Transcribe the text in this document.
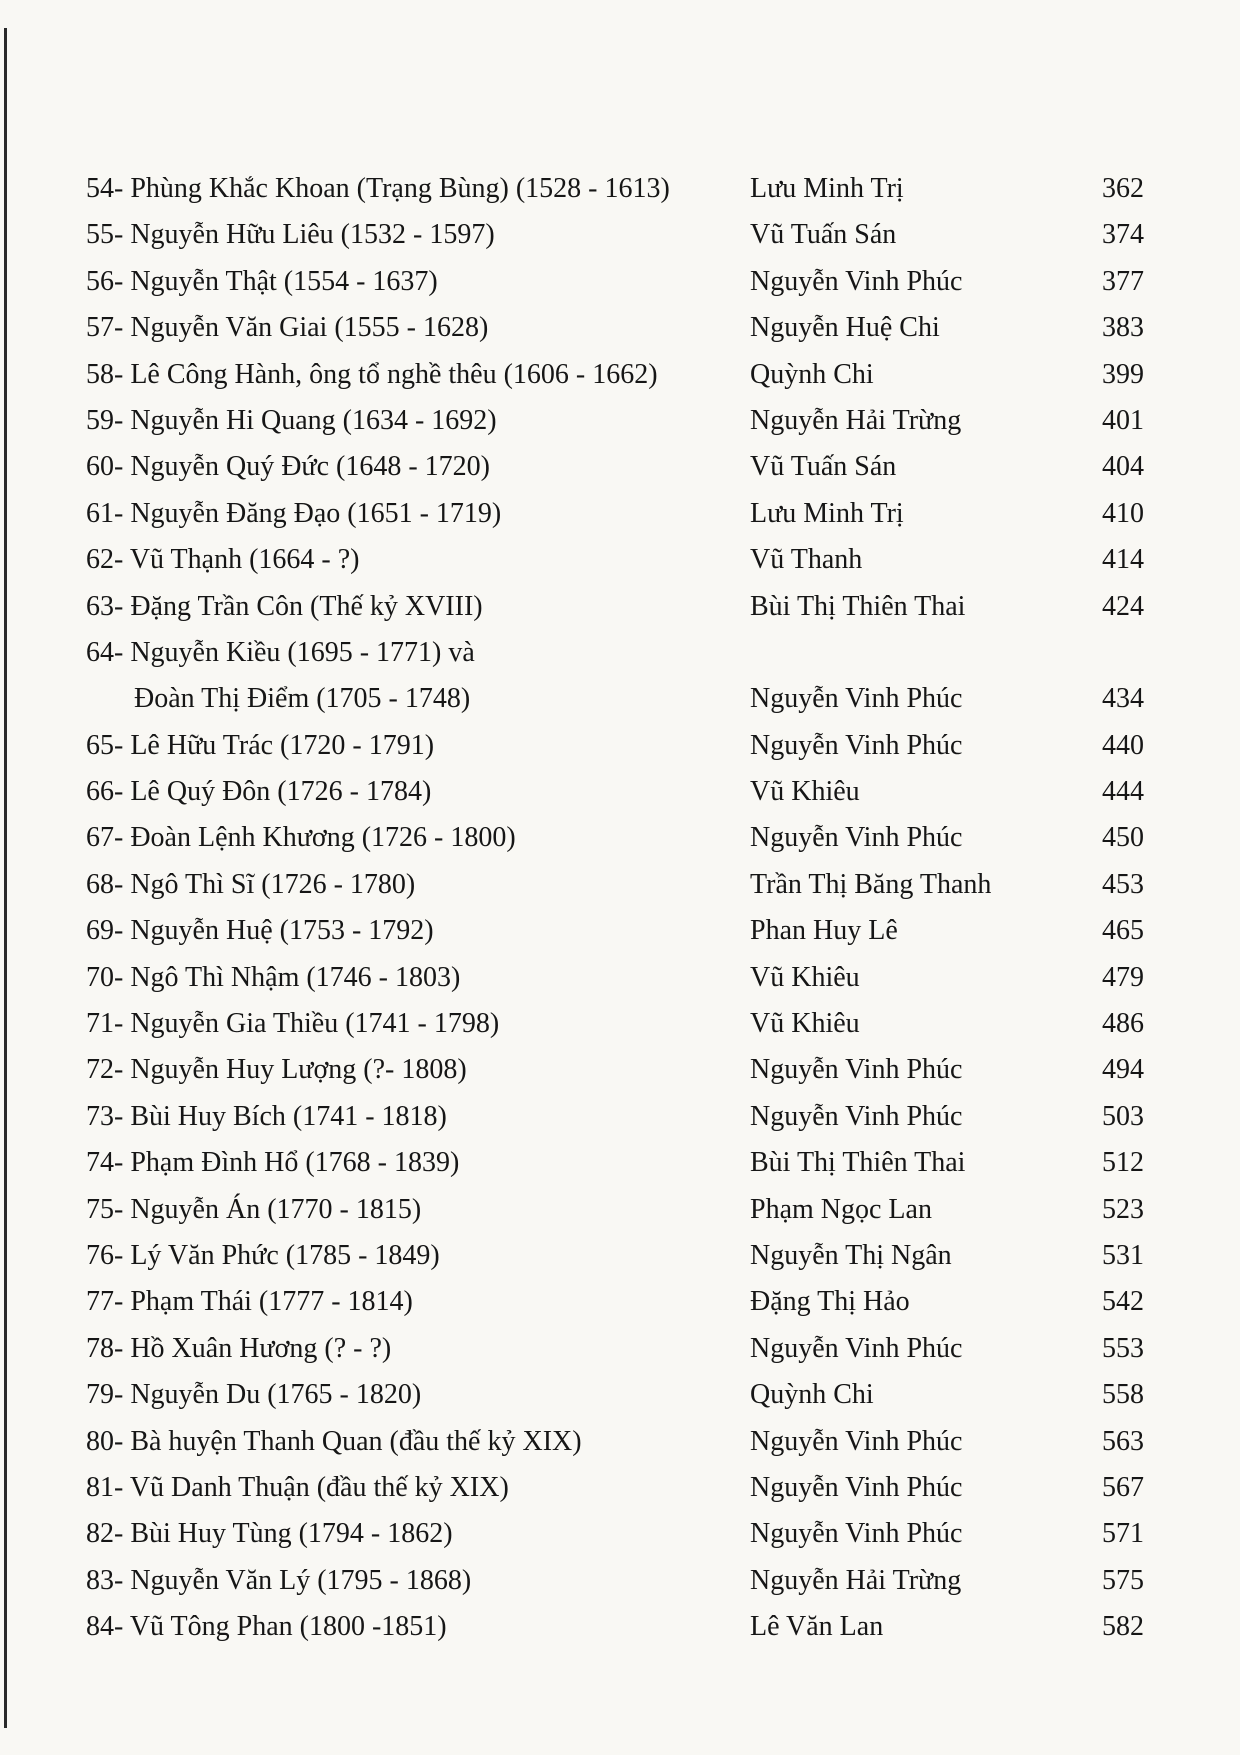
54- Phùng Khắc Khoan (Trạng Bùng) (1528 - 1613)	Lưu Minh Trị	362
55- Nguyễn Hữu Liêu (1532 - 1597)	Vũ Tuấn Sán	374
56- Nguyễn Thật (1554 - 1637)	Nguyễn Vinh Phúc	377
57- Nguyễn Văn Giai (1555 - 1628)	Nguyễn Huệ Chi	383
58- Lê Công Hành, ông tổ nghề thêu (1606 - 1662)	Quỳnh Chi	399
59- Nguyễn Hi Quang (1634 - 1692)	Nguyễn Hải Trừng	401
60- Nguyễn Quý Đức (1648 - 1720)	Vũ Tuấn Sán	404
61- Nguyễn Đăng Đạo (1651 - 1719)	Lưu Minh Trị	410
62- Vũ Thạnh (1664 - ?)	Vũ Thanh	414
63- Đặng Trần Côn (Thế kỷ XVIII)	Bùi Thị Thiên Thai	424
64- Nguyễn Kiều (1695 - 1771) và
Đoàn Thị Điểm (1705 - 1748)	Nguyễn Vinh Phúc	434
65- Lê Hữu Trác (1720 - 1791)	Nguyễn Vinh Phúc	440
66- Lê Quý Đôn (1726 - 1784)	Vũ Khiêu	444
67- Đoàn Lệnh Khương (1726 - 1800)	Nguyễn Vinh Phúc	450
68- Ngô Thì Sĩ (1726 - 1780)	Trần Thị Băng Thanh	453
69- Nguyễn Huệ (1753 - 1792)	Phan Huy Lê	465
70- Ngô Thì Nhậm (1746 - 1803)	Vũ Khiêu	479
71- Nguyễn Gia Thiều (1741 - 1798)	Vũ Khiêu	486
72- Nguyễn Huy Lượng (?- 1808)	Nguyễn Vinh Phúc	494
73- Bùi Huy Bích (1741 - 1818)	Nguyễn Vinh Phúc	503
74- Phạm Đình Hổ (1768 - 1839)	Bùi Thị Thiên Thai	512
75- Nguyễn Án (1770 - 1815)	Phạm Ngọc Lan	523
76- Lý Văn Phức (1785 - 1849)	Nguyễn Thị Ngân	531
77- Phạm Thái (1777 - 1814)	Đặng Thị Hảo	542
78- Hồ Xuân Hương (? - ?)	Nguyễn Vinh Phúc	553
79- Nguyễn Du (1765 - 1820)	Quỳnh Chi	558
80- Bà huyện Thanh Quan (đầu thế kỷ XIX)	Nguyễn Vinh Phúc	563
81- Vũ Danh Thuận (đầu thế kỷ XIX)	Nguyễn Vinh Phúc	567
82- Bùi Huy Tùng (1794 - 1862)	Nguyễn Vinh Phúc	571
83- Nguyễn Văn Lý (1795 - 1868)	Nguyễn Hải Trừng	575
84- Vũ Tông Phan (1800 -1851)	Lê Văn Lan	582
